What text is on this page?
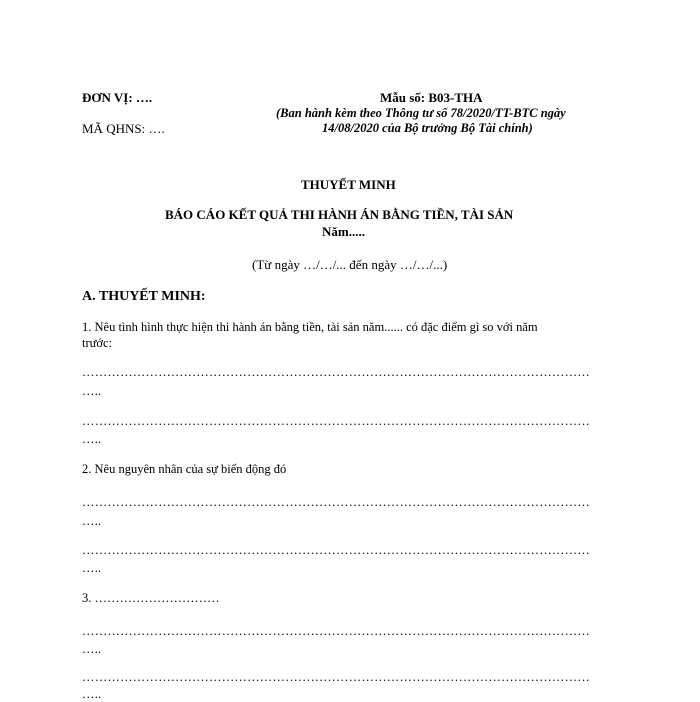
ĐƠN VỊ: ….
MÃ QHNS: ….
Mẫu số: B03-THA
(Ban hành kèm theo Thông tư số 78/2020/TT-BTC ngày
14/08/2020 của Bộ trưởng Bộ Tài chính)
THUYẾT MINH
BÁO CÁO KẾT QUẢ THI HÀNH ÁN BẰNG TIỀN, TÀI SẢN
Năm.....
(Từ ngày …/…/... đến ngày …/…/...)
A. THUYẾT MINH:
1. Nêu tình hình thực hiện thi hành án bằng tiền, tài sản năm...... có đặc điểm gì so với năm
trước:
…………………………………………………………………………………………………………
…..
…………………………………………………………………………………………………………
…..
2. Nêu nguyên nhân của sự biến động đó
…………………………………………………………………………………………………………
…..
…………………………………………………………………………………………………………
…..
3. …………………………
…………………………………………………………………………………………………………
…..
…………………………………………………………………………………………………………
…..
